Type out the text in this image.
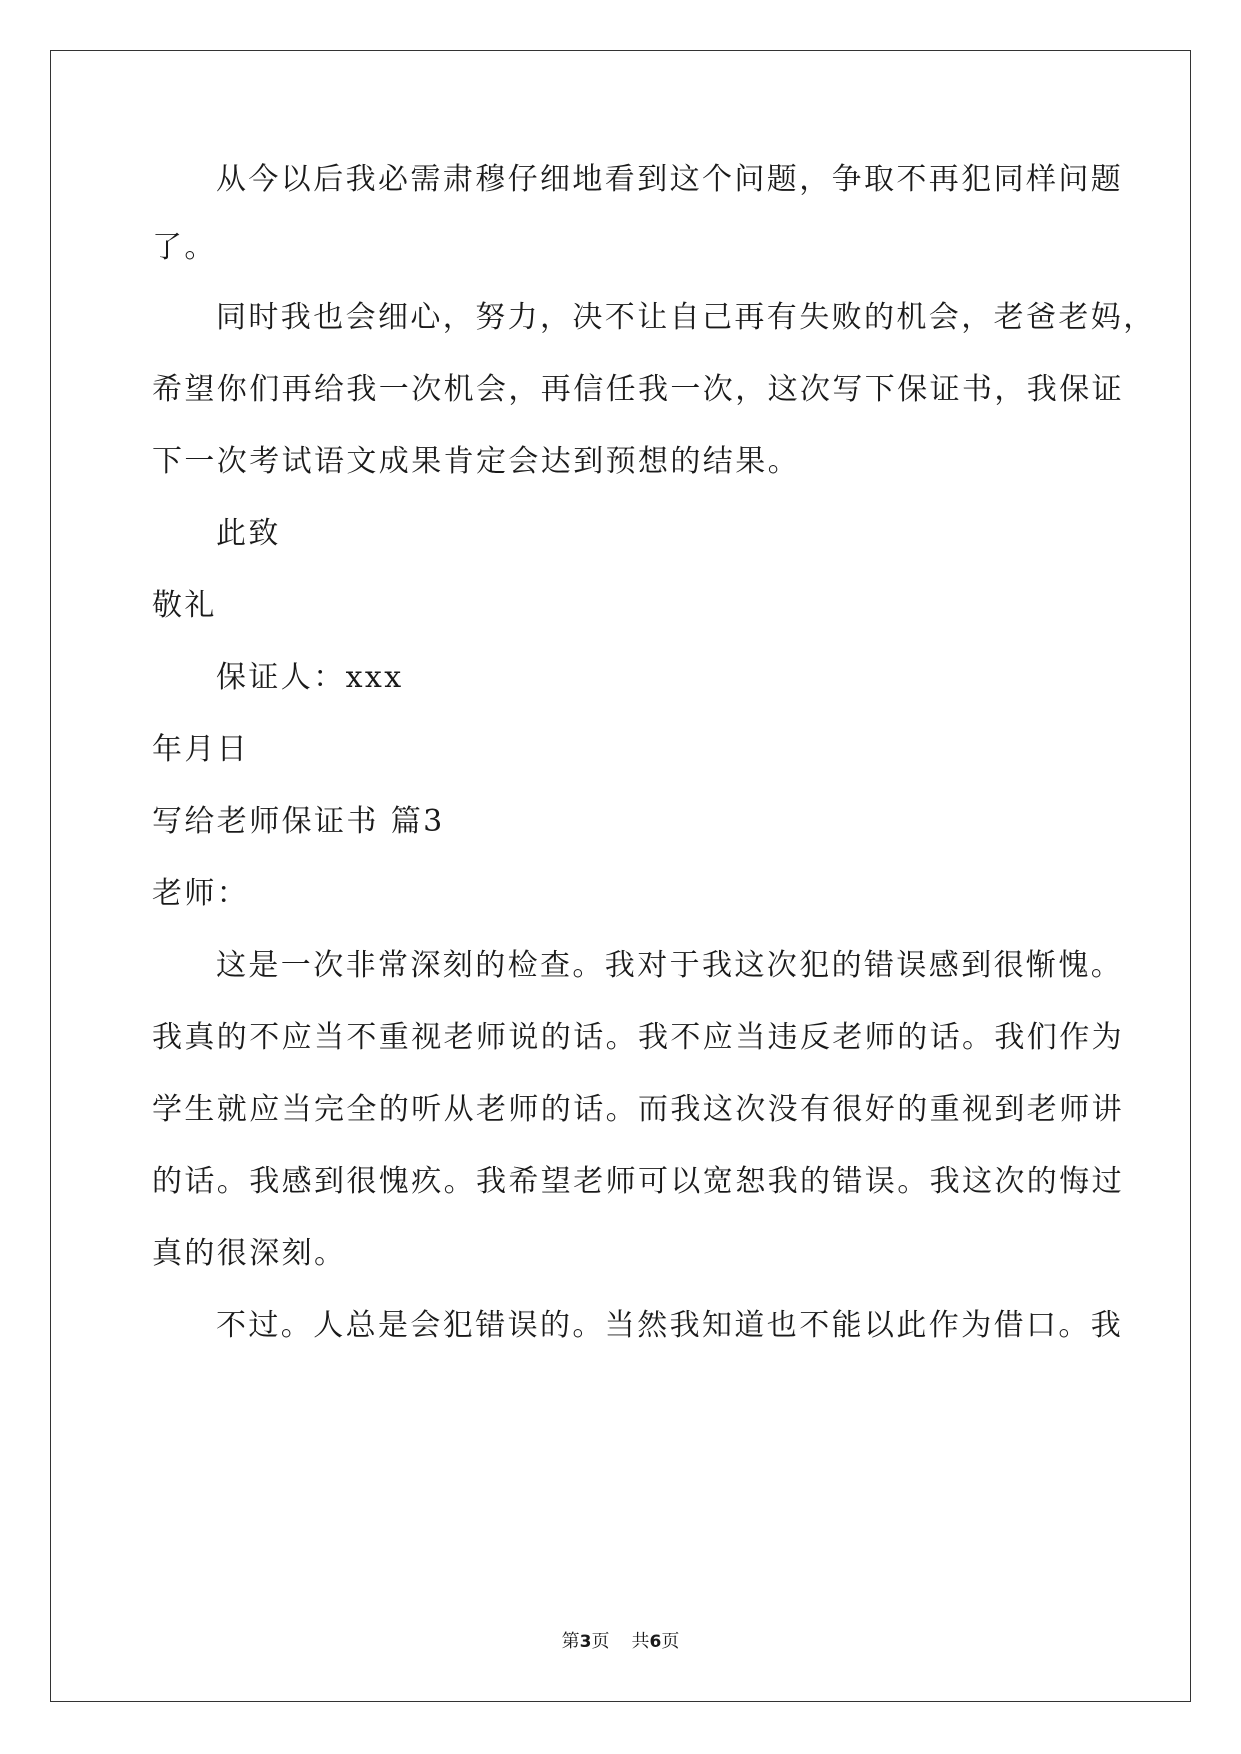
从今以后我必需肃穆仔细地看到这个问题，争取不再犯同样问题
了。
同时我也会细心，努力，决不让自己再有失败的机会，老爸老妈，
希望你们再给我一次机会，再信任我一次，这次写下保证书，我保证
下一次考试语文成果肯定会达到预想的结果。
此致
敬礼
保证人：xxx
年月日
写给老师保证书 篇3
老师：
这是一次非常深刻的检查。我对于我这次犯的错误感到很惭愧。
我真的不应当不重视老师说的话。我不应当违反老师的话。我们作为
学生就应当完全的听从老师的话。而我这次没有很好的重视到老师讲
的话。我感到很愧疚。我希望老师可以宽恕我的错误。我这次的悔过
真的很深刻。
不过。人总是会犯错误的。当然我知道也不能以此作为借口。我
第3页 共6页
